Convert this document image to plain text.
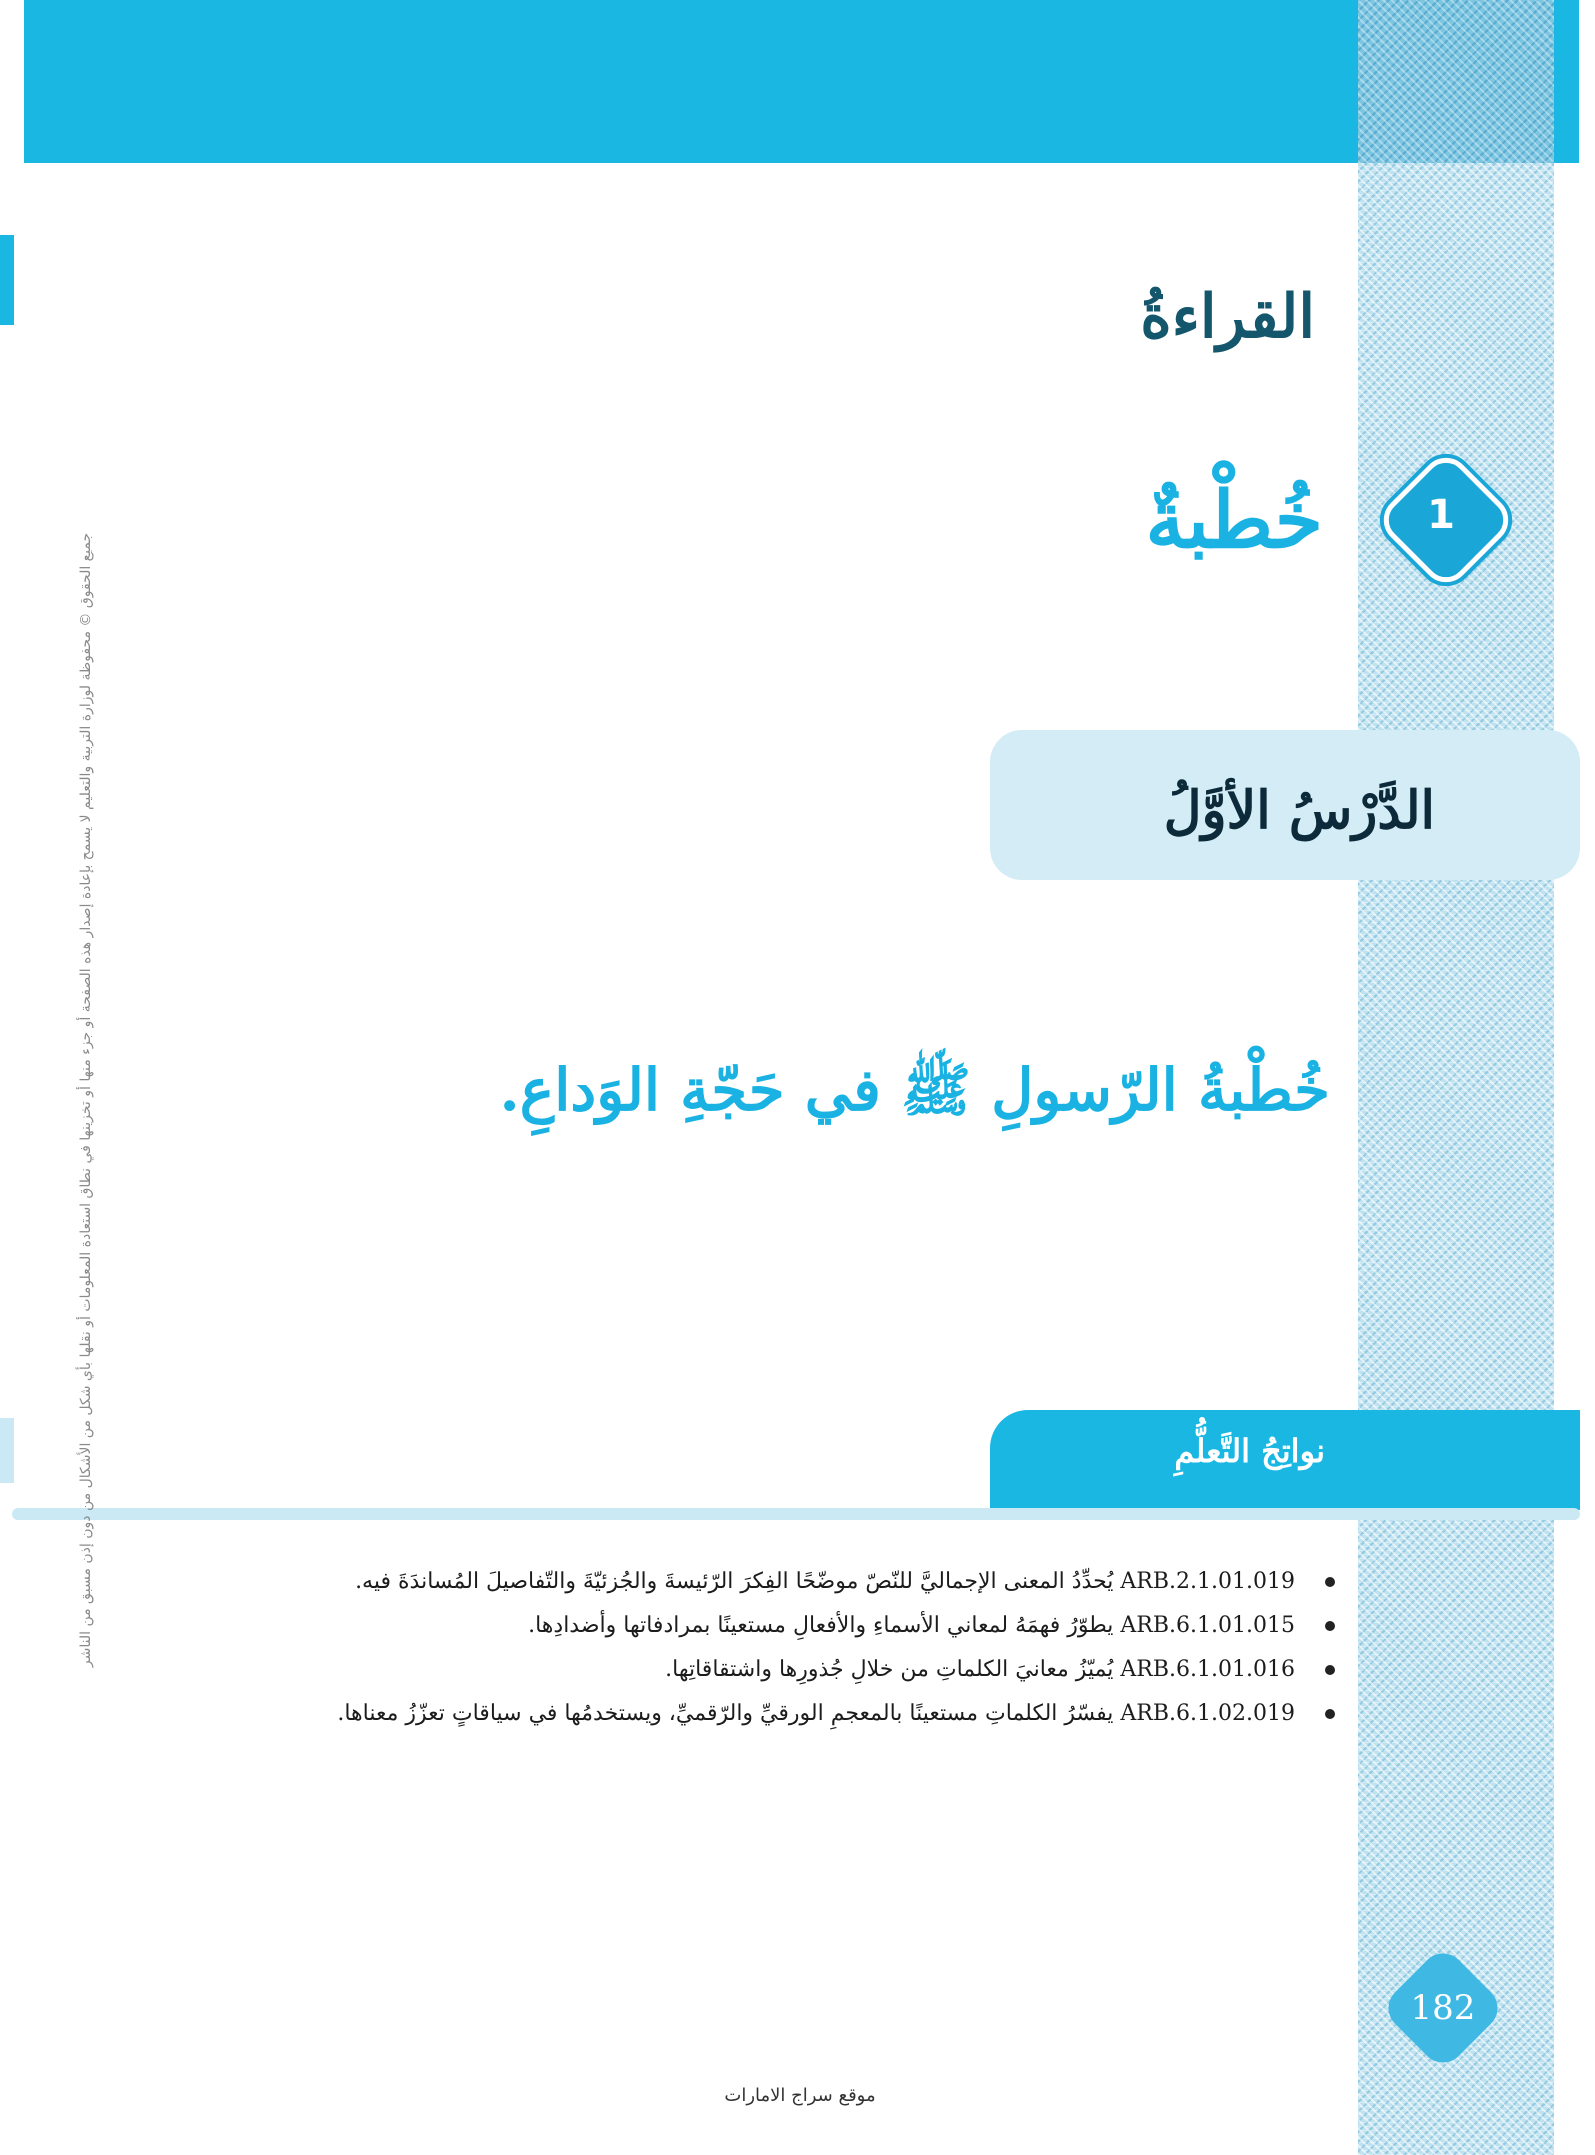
القراءةُ
1
خُطْبةٌ
الدَّرْسُ الأوَّلُ
خُطْبةُ الرّسولِ ﷺ في حَجّةِ الوَداعِ.
نواتِجُ التَّعلُّمِ
ARB.2.1.01.019 يُحدِّدُ المعنى الإجماليَّ للنّصّ موضّحًا الفِكرَ الرّئيسةَ والجُزئيّةَ والتّفاصيلَ المُساندَةَ فيه.
ARB.6.1.01.015 يطوّرُ فهمَهُ لمعاني الأسماءِ والأفعالِ مستعينًا بمرادفاتها وأضدادِها.
ARB.6.1.01.016 يُميّزُ معانيَ الكلماتِ من خلالِ جُذورِها واشتقاقاتِها.
ARB.6.1.02.019 يفسّرُ الكلماتِ مستعينًا بالمعجمِ الورقيِّ والرّقميِّ، ويستخدمُها في سياقاتٍ تعزّزُ معناها.
جميع الحقوق © محفوظة لوزارة التربية والتعليم لا يسمح بإعادة إصدار هذه الصفحة أو جزء منها أو تخزينها في نطاق استعادة المعلومات أو نقلها بأي شكل من الأشكال من دون إذن مسبق من الناشر
182
موقع سراج الامارات
